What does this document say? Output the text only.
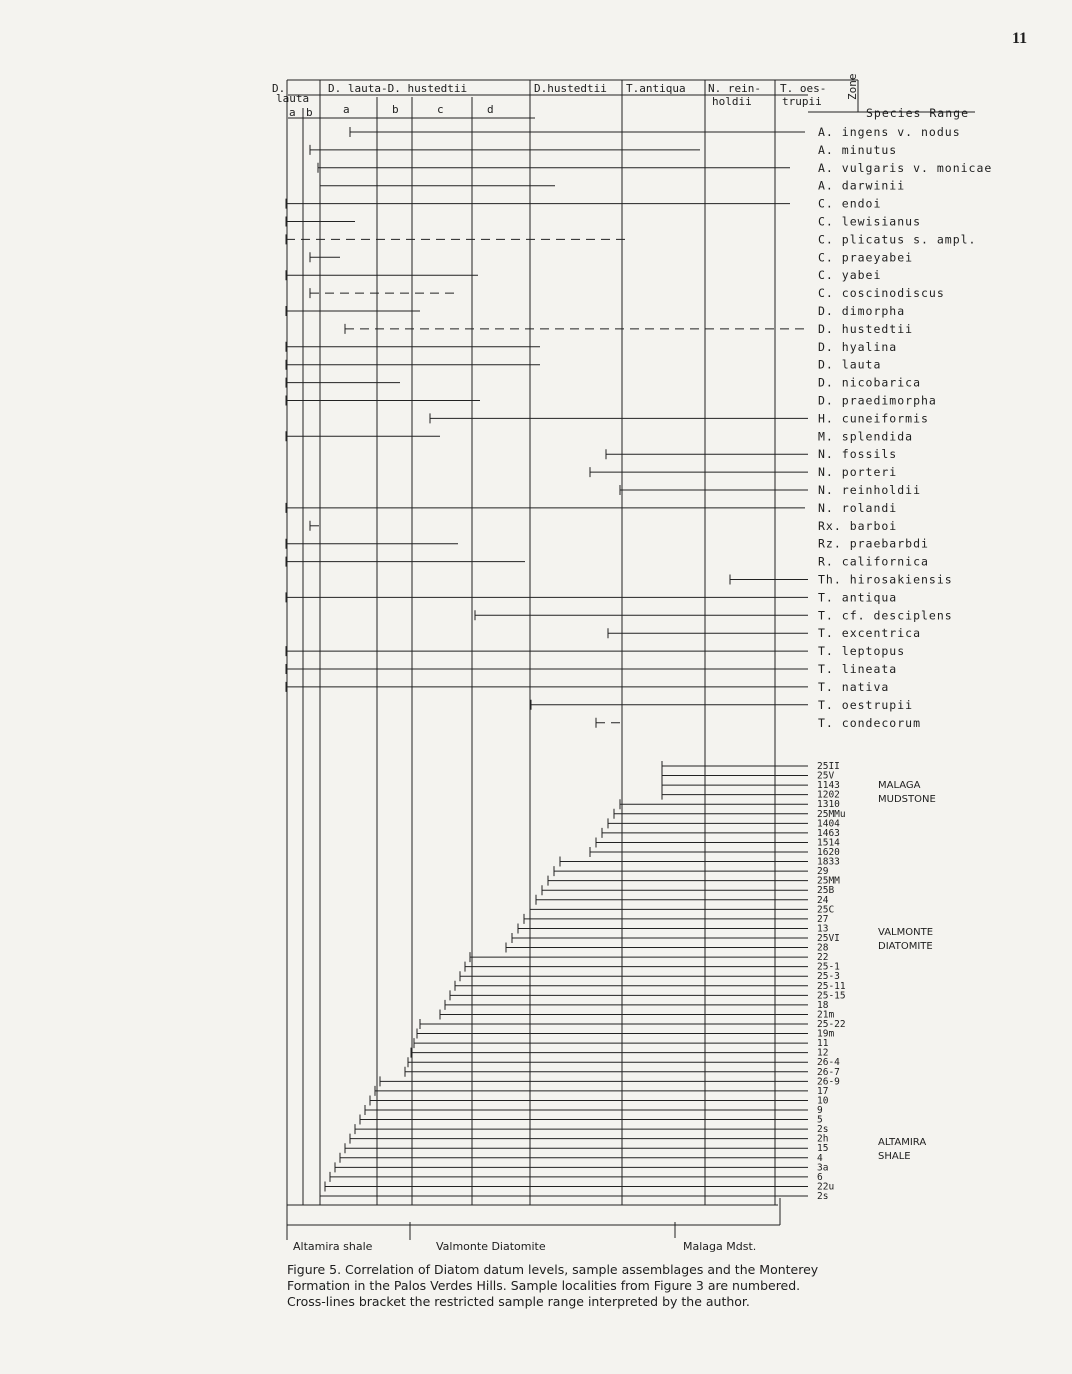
11
D.
lauta
a b
D. lauta-D. hustedtii
a	b	c	d
D.hustedtii T.antiqua N. rein-
holdii
T. oes-
trupii
Zone
Species Range
A. ingens v. nodus
A. minutus
A. vulgaris v. monicae
A. darwinii
C. endoi
C. lewisianus
C. plicatus s. ampl.
C. praeyabei
C. yabei
C. coscinodiscus
D. dimorpha
D. hustedtii
D. hyalina
D. lauta
D. nicobarica
D. praedimorpha
H. cuneiformis
M. splendida
N. fossils
N. porteri
N. reinholdii
N. rolandi
Rx. barboi
Rz. praebarbdi
R. californica
Th. hirosakiensis
T. antiqua
T. cf. desciplens
T. excentrica
T. leptopus
T. lineata
T. nativa
T. oestrupii
T. condecorum
25II
25V
1143
1202
1310
25MMu
1404
1463
1514
1620
1833
29
25MM
25B
24
25C
27
13
25VI
28
22
25-1
25-3
25-11
25-15
18
21m
25-22
19m
11
12
26-4
26-7
26-9
17
10
9
5
2s
2h
15
4
3a
6
22u
2s
MALAGA
MUDSTONE
VALMONTE
DIATOMITE
ALTAMIRA
SHALE
Altamira shale	Valmonte Diatomite	Malaga Mdst.
Figure 5. Correlation of Diatom datum levels, sample assemblages and the Monterey
Formation in the Palos Verdes Hills. Sample localities from Figure 3 are numbered.
Cross-lines bracket the restricted sample range interpreted by the author.
